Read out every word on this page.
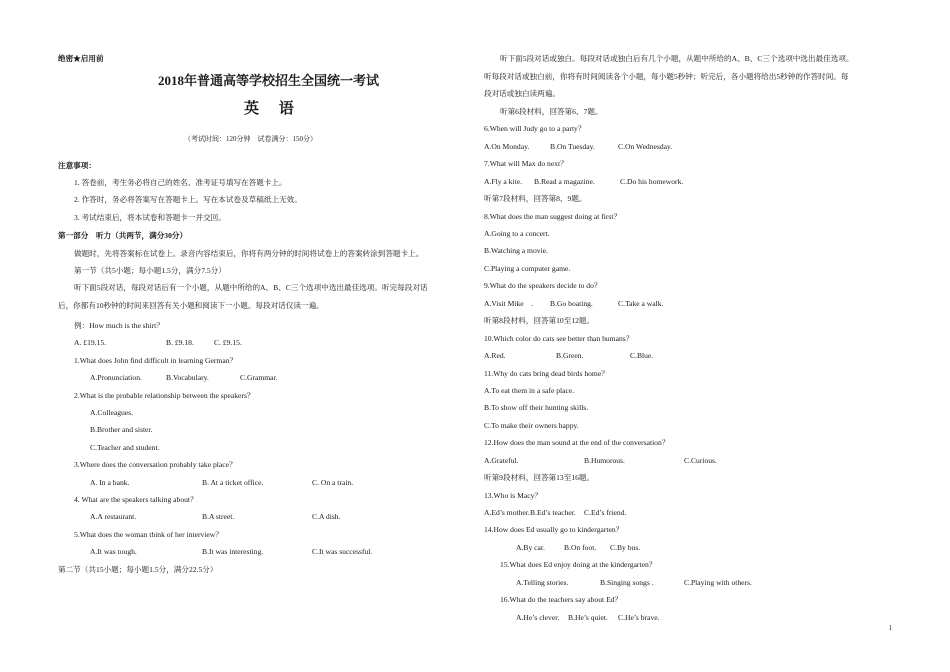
绝密★启用前
2018年普通高等学校招生全国统一考试
英 语
（考试时间：120分钟　试卷满分：150分）
注意事项：
1. 答卷前，考生务必将自己的姓名、准考证号填写在答题卡上。
2. 作答时，务必将答案写在答题卡上。写在本试卷及草稿纸上无效。
3. 考试结束后，将本试卷和答题卡一并交回。
第一部分　听力（共两节，满分30分）
做题时，先将答案标在试卷上。录音内容结束后，你将有两分钟的时间将试卷上的答案转涂到答题卡上。
第一节（共5小题；每小题1.5分，满分7.5分）
听下面5段对话，每段对话后有一个小题，从题中所给的A、B、C三个选项中选出最佳选项。听完每段对话
后，你都有10秒钟的时间来回答有关小题和阅读下一小题。每段对话仅读一遍。
例：How much is the shirt？
A. £19.15.	B. £9.18.	C. £9.15.
1.What does John find difficult in learning German？
A.Pronunciation.	B.Vocabulary.	C.Grammar.
2.What is the probable relationship between the speakers？
A.Colleagues.
B.Brother and sister.
C.Teacher and student.
3.Where does the conversation probably take place？
A. In a bank.	B. At a ticket office.	C. On a train.
4. What are the speakers talking about？
A.A restaurant.	B.A street.	C.A dish.
5.What does the woman think of her interview？
A.It was tough.	B.It was interesting.	C.It was successful.
第二节（共15小题；每小题1.5分，满分22.5分）
听下面5段对话或独白。每段对话或独白后有几个小题，从题中所给的A、B、C三个选项中选出最佳选项。
听每段对话或独白前，你将有时间阅读各个小题，每小题5秒钟；听完后，各小题将给出5秒钟的作答时间。每
段对话或独白读两遍。
听第6段材料，回答第6、7题。
6.When will Judy go to a party？
A.On Monday.	B.On Tuesday.	C.On Wednesday.
7.What will Max do next？
A.Fly a kite. B.Read a magazine.	C.Do his homework.
听第7段材料，回答第8、9题。
8.What does the man suggest doing at first？
A.Going to a concert.
B.Watching a movie.
C.Playing a computer game.
9.What do the speakers decide to do？
A.Visit Mike　. B.Go boating.	C.Take a walk.
听第8段材料，回答第10至12题。
10.Which color do cats see better than humans？
A.Red.	B.Green.	C.Blue.
11.Why do cats bring dead birds home？
A.To eat them in a safe place.
B.To show off their hunting skills.
C.To make their owners happy.
12.How does the man sound at the end of the conversation？
A.Grateful.	B.Humorous.	C.Curious.
听第9段材料，回答第13至16题。
13.Who is Macy？
A.Ed’s mother. B.Ed’s teacher. C.Ed’s friend.
14.How does Ed usually go to kindergarten？
A.By car.	B.On foot. C.By bus.
15.What does Ed enjoy doing at the kindergarten？
A.Telling stories.	B.Singing songs .	C.Playing with others.
16.What do the teachers say about Ed？
A.He’s clever. B.He’s quiet. C.He’s brave.
1
